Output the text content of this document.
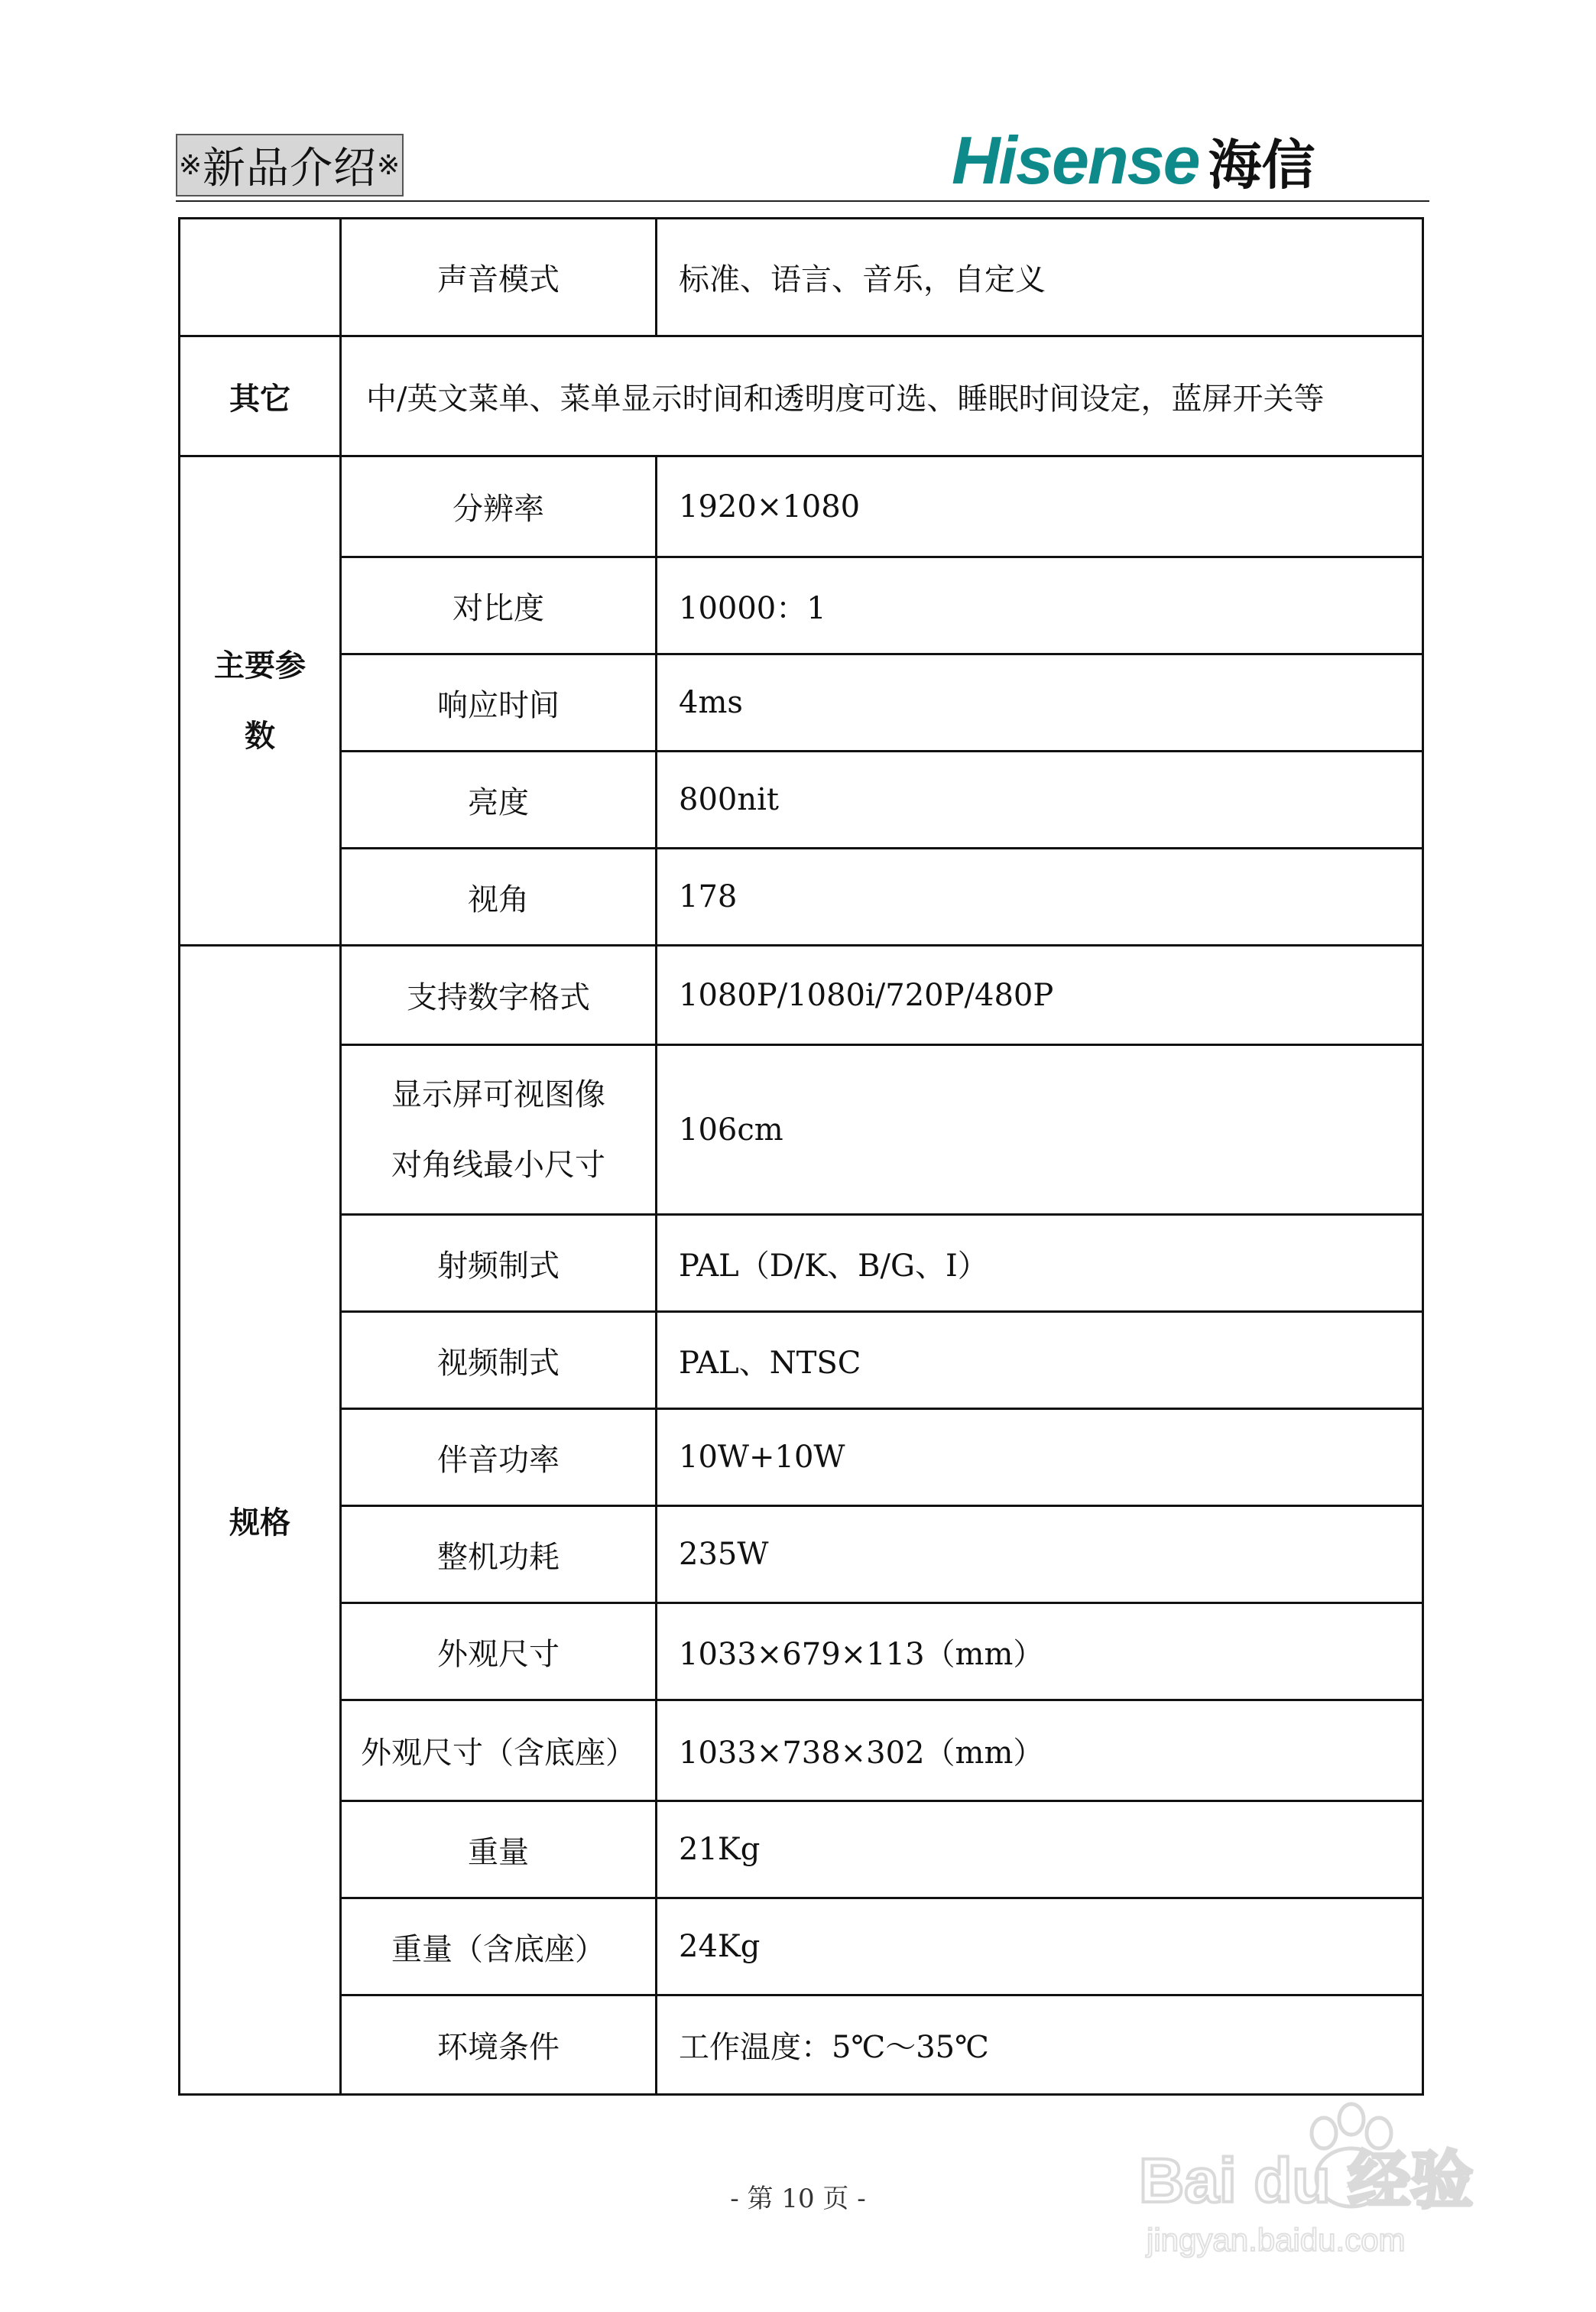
※ 新品介绍 ※	Hisense 海信
	声音模式	标准、语言、音乐，自定义
其它	中/英文菜单、菜单显示时间和透明度可选、睡眠时间设定，蓝屏开关等	

主要参
数	分辨率	1920×1080
	对比度	10000：1
	响应时间	4ms
	亮度	800nit
	视角	178
规格	支持数字格式	1080P/1080i/720P/480P

	显示屏可视图像
对角线最小尺寸	106cm
	射频制式	PAL（D/K、B/G、I）
	视频制式	PAL、NTSC
	伴音功率	10W+10W
	整机功耗	235W
	外观尺寸	1033×679×113（mm）
	外观尺寸（含底座）	1033×738×302（mm）
	重量	21Kg
	重量（含底座）	24Kg
	环境条件	工作温度：5℃～35℃
- 第 10 页 -	Bai du 经验
jingyan.baidu.com
